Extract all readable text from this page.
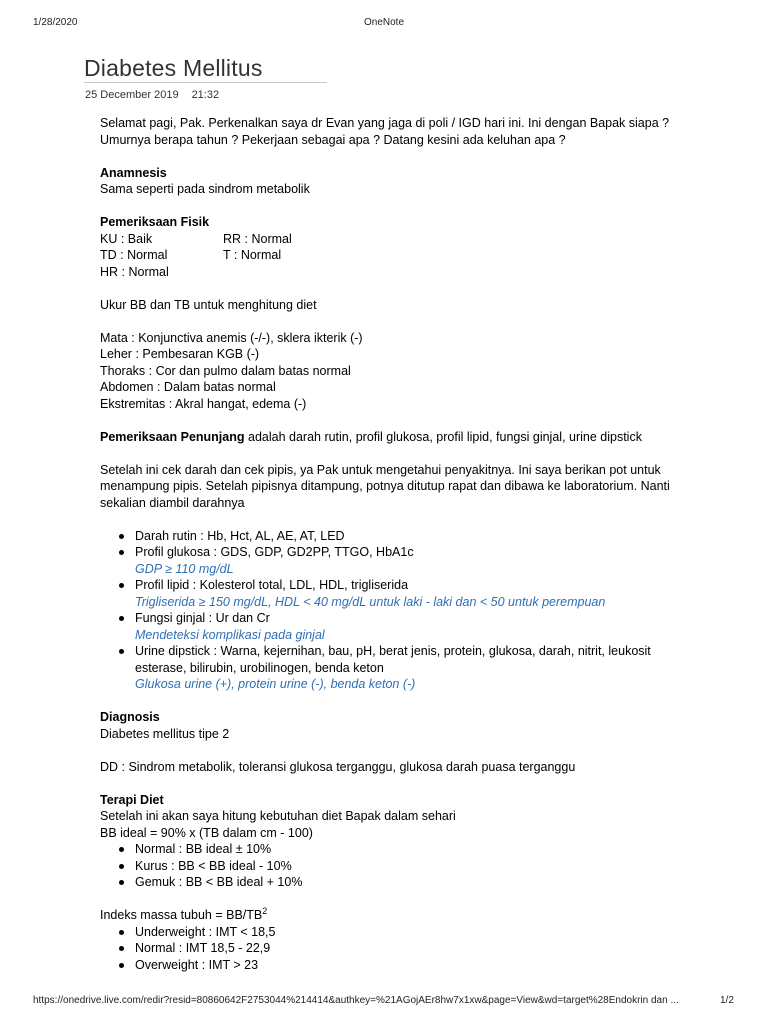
1/28/2020	OneNote
Diabetes Mellitus
25 December 2019 21:32

Selamat pagi, Pak. Perkenalkan saya dr Evan yang jaga di poli / IGD hari ini. Ini dengan Bapak siapa ? Umurnya berapa tahun ? Pekerjaan sebagai apa ? Datang kesini ada keluhan apa ?

Anamnesis

Sama seperti pada sindrom metabolik

Pemeriksaan Fisik

KU : Baik

TD : Normal

HR : Normal

RR : Normal

T : Normal

Ukur BB dan TB untuk menghitung diet

Mata : Konjunctiva anemis (-/-), sklera ikterik (-)

Leher : Pembesaran KGB (-)

Thoraks : Cor dan pulmo dalam batas normal

Abdomen : Dalam batas normal

Ekstremitas : Akral hangat, edema (-)

Pemeriksaan Penunjang adalah darah rutin, profil glukosa, profil lipid, fungsi ginjal, urine dipstick

Setelah ini cek darah dan cek pipis, ya Pak untuk mengetahui penyakitnya. Ini saya berikan pot untuk menampung pipis. Setelah pipisnya ditampung, potnya ditutup rapat dan dibawa ke laboratorium. Nanti sekalian diambil darahnya

Darah rutin : Hb, Hct, AL, AE, AT, LED
Profil glukosa : GDS, GDP, GD2PP, TTGO, HbA1c
GDP ≥ 110 mg/dL
Profil lipid : Kolesterol total, LDL, HDL, trigliserida
Trigliserida ≥ 150 mg/dL, HDL < 40 mg/dL untuk laki - laki dan < 50 untuk perempuan
Fungsi ginjal : Ur dan Cr
Mendeteksi komplikasi pada ginjal
Urine dipstick : Warna, kejernihan, bau, pH, berat jenis, protein, glukosa, darah, nitrit, leukosit esterase, bilirubin, urobilinogen, benda keton
Glukosa urine (+), protein urine (-), benda keton (-)

Diagnosis

Diabetes mellitus tipe 2

DD : Sindrom metabolik, toleransi glukosa terganggu, glukosa darah puasa terganggu

Terapi Diet

Setelah ini akan saya hitung kebutuhan diet Bapak dalam sehari

BB ideal = 90% x (TB dalam cm - 100)

Normal : BB ideal ± 10%
Kurus : BB < BB ideal - 10%
Gemuk : BB < BB ideal + 10%

Indeks massa tubuh = $BB/TB^2$

Underweight : IMT < 18,5
Normal : IMT 18,5 - 22,9
Overweight : IMT > 23
https://onedrive.live.com/redir?resid=80860642F2753044%214414&authkey=%21AGojAEr8hw7x1xw&page=View&wd=target%28Endokrin dan ...	1/2
